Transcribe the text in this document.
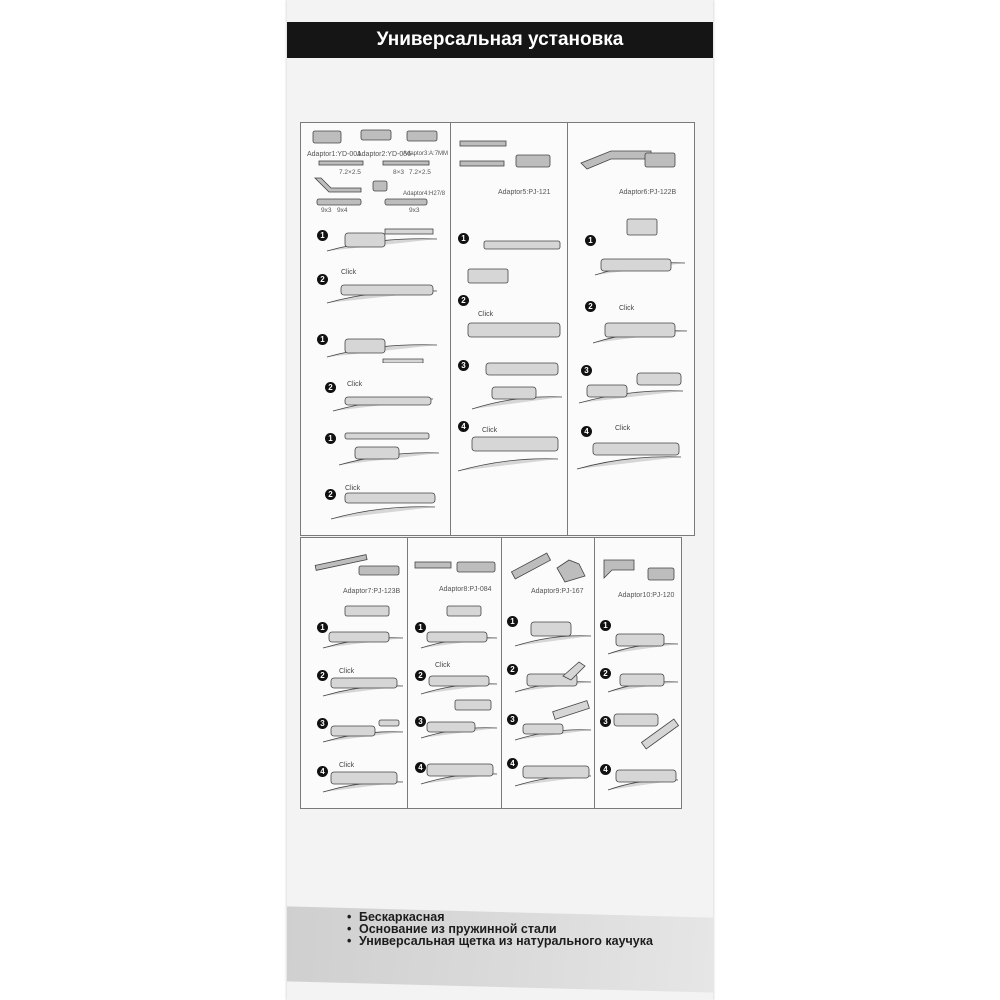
Универсальная установка
Adaptor1:YD-001
Adaptor2:YD-056
Adaptor3:A:7MM
7.2×2.5	8×3 7.2×2.5
Adaptor4:H27/8
9x3 9x4	9x3
1
Click
2
1
Click
2
1
Click
2
Adaptor5:PJ-121
1
2
Click
3
4	Click
Adaptor6:PJ-122B
1
2	Click
3
4	Click
Adaptor7:PJ-123B
1
2	Click
3
4
Click
Adaptor8:PJ-084
1
2
Click
3
4
Adaptor9:PJ-167
1
2
3
4
Adaptor10:PJ-120
1
2
3
4
• Бескаркасная
• Основание из пружинной стали
• Универсальная щетка из натурального каучука
